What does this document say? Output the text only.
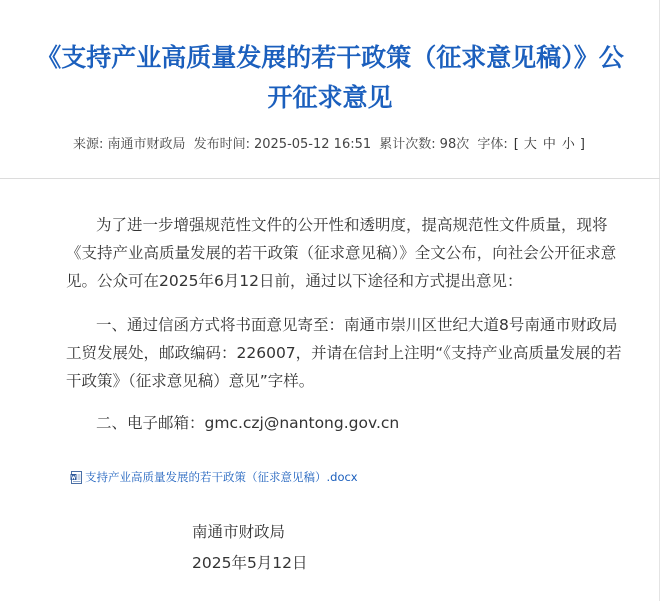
《支持产业高质量发展的若干政策（征求意见稿）》公开征求意见
来源: 南通市财政局 发布时间: 2025-05-12 16:51 累计次数: 98次 字体: [ 大 中 小 ]

为了进一步增强规范性文件的公开性和透明度，提高规范性文件质量，现将《支持产业高质量发展的若干政策（征求意见稿）》全文公布，向社会公开征求意见。公众可在2025年6月12日前，通过以下途径和方式提出意见：

一、通过信函方式将书面意见寄至：南通市崇川区世纪大道8号南通市财政局工贸发展处，邮政编码：226007，并请在信封上注明“《支持产业高质量发展的若干政策》（征求意见稿）意见”字样。

二、电子邮箱：gmc.czj@nantong.gov.cn

支持产业高质量发展的若干政策（征求意见稿）.docx
南通市财政局
2025年5月12日
